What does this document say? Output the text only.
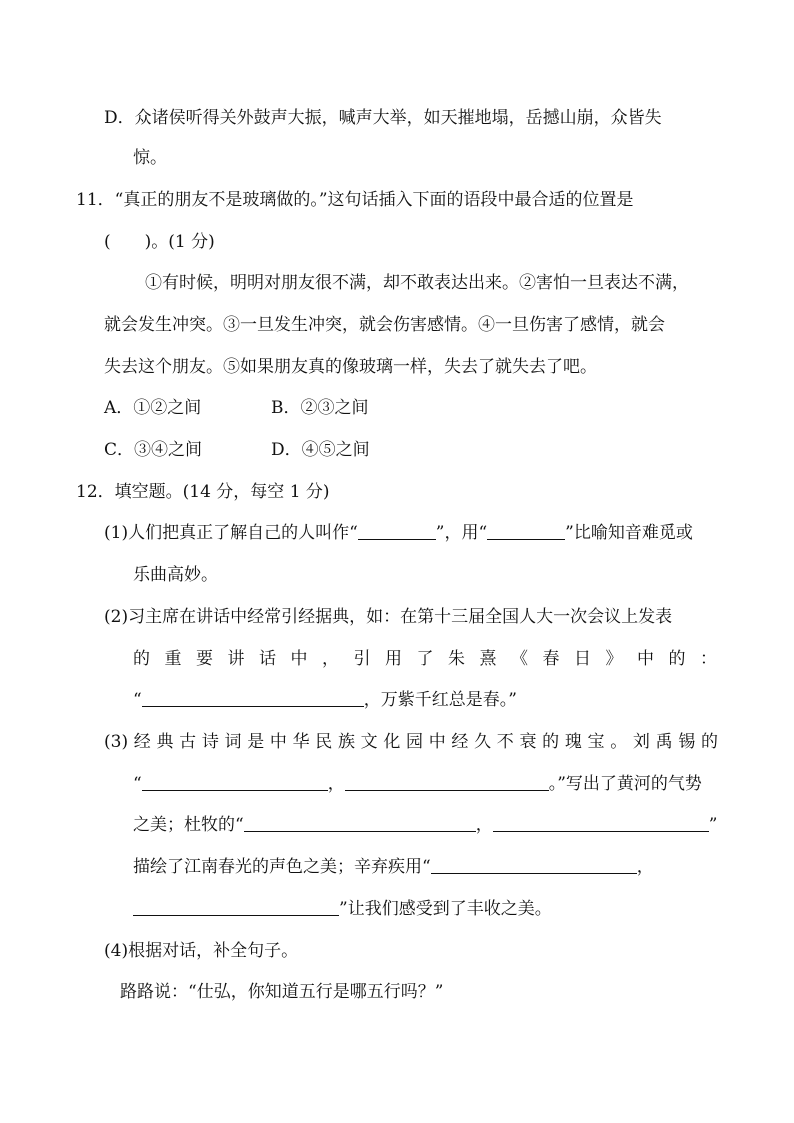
D．众诸侯听得关外鼓声大振，喊声大举，如天摧地塌，岳撼山崩，众皆失
惊。
11．“真正的朋友不是玻璃做的。”这句话插入下面的语段中最合适的位置是
(　　)。(1 分)
①有时候，明明对朋友很不满，却不敢表达出来。②害怕一旦表达不满，
就会发生冲突。③一旦发生冲突，就会伤害感情。④一旦伤害了感情，就会
失去这个朋友。⑤如果朋友真的像玻璃一样，失去了就失去了吧。
A．①②之间	B．②③之间
C．③④之间	D．④⑤之间
12．填空题。(14 分，每空 1 分)
(1)人们把真正了解自己的人叫作“	”，用“	”比喻知音难觅或
乐曲高妙。
(2)习主席在讲话中经常引经据典，如：在第十三届全国人大一次会议上发表
的 重 要 讲 话 中 ， 引 用 了 朱 熹 《 春 日 》 中 的 ：
“	，万紫千红总是春。”
(3) 经 典 古 诗 词 是 中 华 民 族 文 化 园 中 经 久 不 衰 的 瑰 宝 。 刘 禹 锡 的
“	，	。”写出了黄河的气势
之美；杜牧的“	，	”
描绘了江南春光的声色之美；辛弃疾用“	，
”让我们感受到了丰收之美。
(4)根据对话，补全句子。
路路说：“仕弘，你知道五行是哪五行吗？”
